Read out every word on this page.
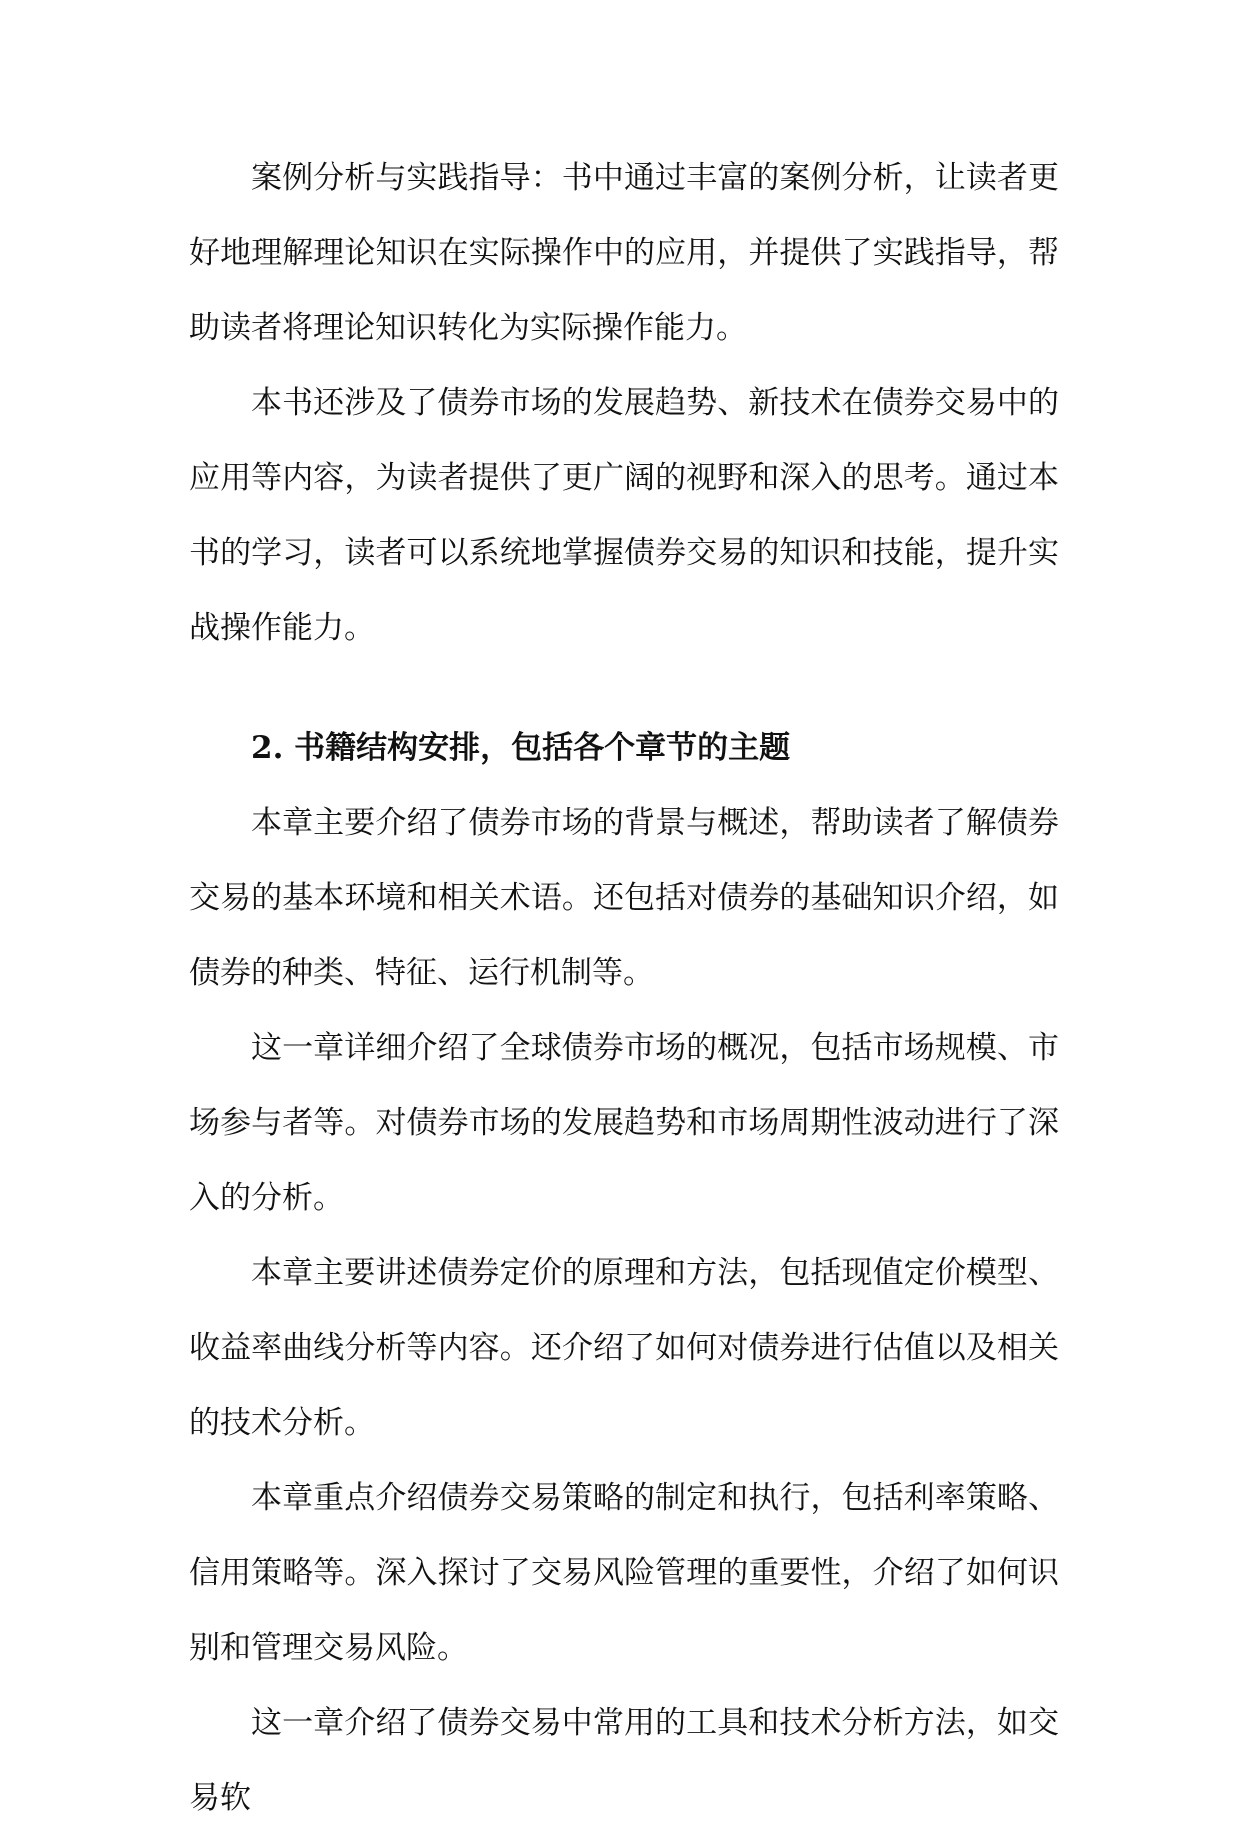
案例分析与实践指导：书中通过丰富的案例分析，让读者更好地理解理论知识在实际操作中的应用，并提供了实践指导，帮助读者将理论知识转化为实际操作能力。

本书还涉及了债券市场的发展趋势、新技术在债券交易中的应用等内容，为读者提供了更广阔的视野和深入的思考。通过本书的学习，读者可以系统地掌握债券交易的知识和技能，提升实战操作能力。

2. 书籍结构安排，包括各个章节的主题

本章主要介绍了债券市场的背景与概述，帮助读者了解债券交易的基本环境和相关术语。还包括对债券的基础知识介绍，如债券的种类、特征、运行机制等。

这一章详细介绍了全球债券市场的概况，包括市场规模、市场参与者等。对债券市场的发展趋势和市场周期性波动进行了深入的分析。

本章主要讲述债券定价的原理和方法，包括现值定价模型、收益率曲线分析等内容。还介绍了如何对债券进行估值以及相关的技术分析。

本章重点介绍债券交易策略的制定和执行，包括利率策略、信用策略等。深入探讨了交易风险管理的重要性，介绍了如何识别和管理交易风险。

这一章介绍了债券交易中常用的工具和技术分析方法，如交易软
